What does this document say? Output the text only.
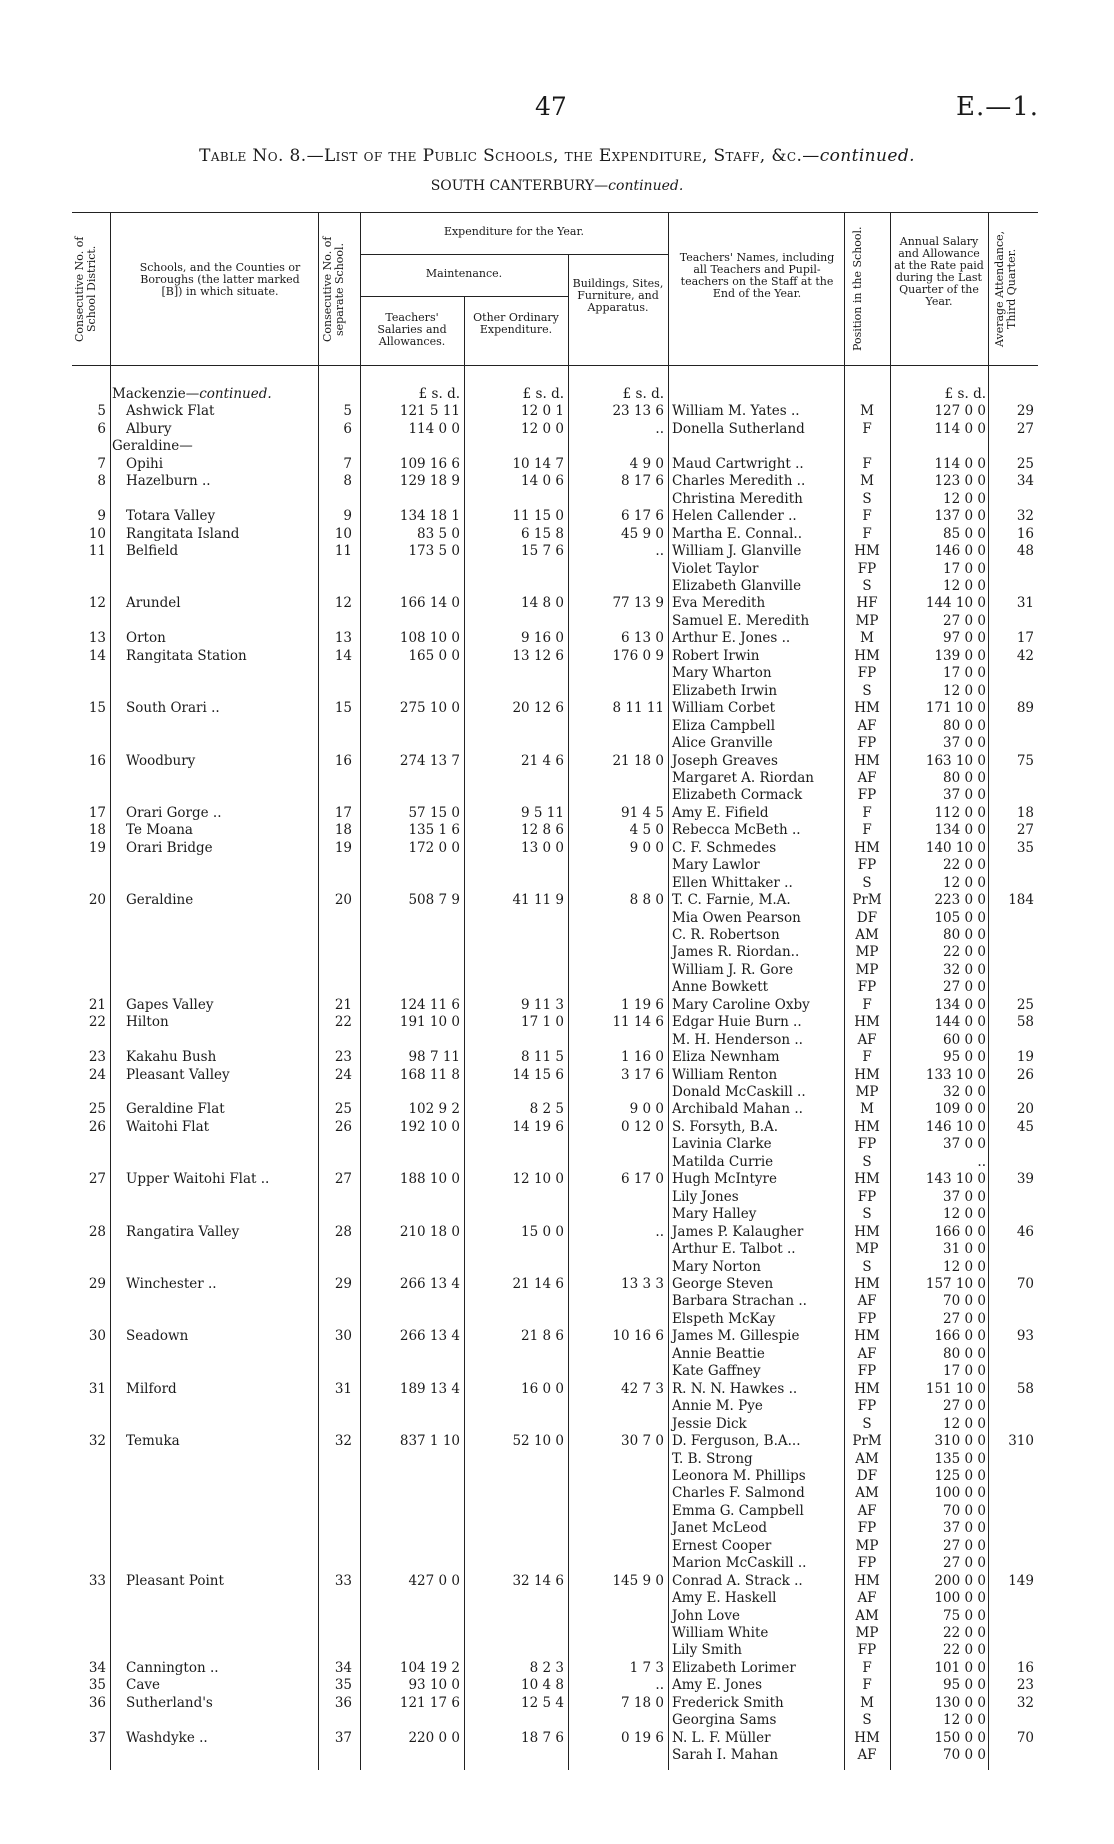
47	E.—1.
Table No. 8.—List of the Public Schools, the Expenditure, Staff, &c.—continued.
SOUTH CANTERBURY—continued.
Consecutive No. of School District.	Schools, and the Counties or Boroughs (the latter marked [B]) in which situate.	Consecutive No. of separate School.
Expenditure for the Year.
Maintenance.
Teachers' Salaries and Allowances.
Other Ordinary Expenditure.
Buildings, Sites, Furniture, and Apparatus.
Teachers' Names, including all Teachers and Pupil-teachers on the Staff at the End of the Year.	Position in the School.	Annual Salary and Allowance at the Rate paid during the Last Quarter of the Year.	Average Attendance, Third Quarter.
Mackenzie—continued.	£ s. d.	£ s. d.	£ s. d.	£ s. d.
5 Ashwick Flat	5	121 5 11	12 0 1	23 13 6 William M. Yates ..	M	127 0 0	29
6 Albury	6	114 0 0	12 0 0	.. Donella Sutherland	F	114 0 0	27
Geraldine—
7 Opihi	7	109 16 6	10 14 7	4 9 0 Maud Cartwright ..	F	114 0 0	25
8 Hazelburn ..	8	129 18 9	14 0 6	8 17 6 Charles Meredith ..	M	123 0 0	34
Christina Meredith	S	12 0 0
9 Totara Valley	9	134 18 1	11 15 0	6 17 6 Helen Callender ..	F	137 0 0	32
10 Rangitata Island	10	83 5 0	6 15 8	45 9 0 Martha E. Connal..	F	85 0 0	16
11 Belfield	11	173 5 0	15 7 6	.. William J. Glanville	HM	146 0 0	48
Violet Taylor	FP	17 0 0
Elizabeth Glanville	S	12 0 0
12 Arundel	12	166 14 0	14 8 0	77 13 9 Eva Meredith	HF	144 10 0	31
Samuel E. Meredith	MP	27 0 0
13 Orton	13	108 10 0	9 16 0	6 13 0 Arthur E. Jones ..	M	97 0 0	17
14 Rangitata Station	14	165 0 0	13 12 6	176 0 9 Robert Irwin	HM	139 0 0	42
Mary Wharton	FP	17 0 0
Elizabeth Irwin	S	12 0 0
15 South Orari ..	15	275 10 0	20 12 6	8 11 11 William Corbet	HM	171 10 0	89
Eliza Campbell	AF	80 0 0
Alice Granville	FP	37 0 0
16 Woodbury	16	274 13 7	21 4 6	21 18 0 Joseph Greaves	HM	163 10 0	75
Margaret A. Riordan	AF	80 0 0
Elizabeth Cormack	FP	37 0 0
17 Orari Gorge ..	17	57 15 0	9 5 11	91 4 5 Amy E. Fifield	F	112 0 0	18
18 Te Moana	18	135 1 6	12 8 6	4 5 0 Rebecca McBeth ..	F	134 0 0	27
19 Orari Bridge	19	172 0 0	13 0 0	9 0 0 C. F. Schmedes	HM	140 10 0	35
Mary Lawlor	FP	22 0 0
Ellen Whittaker ..	S	12 0 0
20 Geraldine	20	508 7 9	41 11 9	8 8 0 T. C. Farnie, M.A.	PrM	223 0 0	184
Mia Owen Pearson	DF	105 0 0
C. R. Robertson	AM	80 0 0
James R. Riordan..	MP	22 0 0
William J. R. Gore	MP	32 0 0
Anne Bowkett	FP	27 0 0
21 Gapes Valley	21	124 11 6	9 11 3	1 19 6 Mary Caroline Oxby	F	134 0 0	25
22 Hilton	22	191 10 0	17 1 0	11 14 6 Edgar Huie Burn ..	HM	144 0 0	58
M. H. Henderson ..	AF	60 0 0
23 Kakahu Bush	23	98 7 11	8 11 5	1 16 0 Eliza Newnham	F	95 0 0	19
24 Pleasant Valley	24	168 11 8	14 15 6	3 17 6 William Renton	HM	133 10 0	26
Donald McCaskill ..	MP	32 0 0
25 Geraldine Flat	25	102 9 2	8 2 5	9 0 0 Archibald Mahan ..	M	109 0 0	20
26 Waitohi Flat	26	192 10 0	14 19 6	0 12 0 S. Forsyth, B.A.	HM	146 10 0	45
Lavinia Clarke	FP	37 0 0
Matilda Currie	S	..
27 Upper Waitohi Flat ..	27	188 10 0	12 10 0	6 17 0 Hugh McIntyre	HM	143 10 0	39
Lily Jones	FP	37 0 0
Mary Halley	S	12 0 0
28 Rangatira Valley	28	210 18 0	15 0 0	.. James P. Kalaugher	HM	166 0 0	46
Arthur E. Talbot ..	MP	31 0 0
Mary Norton	S	12 0 0
29 Winchester ..	29	266 13 4	21 14 6	13 3 3 George Steven	HM	157 10 0	70
Barbara Strachan ..	AF	70 0 0
Elspeth McKay	FP	27 0 0
30 Seadown	30	266 13 4	21 8 6	10 16 6 James M. Gillespie	HM	166 0 0	93
Annie Beattie	AF	80 0 0
Kate Gaffney	FP	17 0 0
31 Milford	31	189 13 4	16 0 0	42 7 3 R. N. N. Hawkes ..	HM	151 10 0	58
Annie M. Pye	FP	27 0 0
Jessie Dick	S	12 0 0
32 Temuka	32	837 1 10	52 10 0	30 7 0 D. Ferguson, B.A...	PrM	310 0 0	310
T. B. Strong	AM	135 0 0
Leonora M. Phillips	DF	125 0 0
Charles F. Salmond	AM	100 0 0
Emma G. Campbell	AF	70 0 0
Janet McLeod	FP	37 0 0
Ernest Cooper	MP	27 0 0
Marion McCaskill ..	FP	27 0 0
33 Pleasant Point	33	427 0 0	32 14 6	145 9 0 Conrad A. Strack ..	HM	200 0 0	149
Amy E. Haskell	AF	100 0 0
John Love	AM	75 0 0
William White	MP	22 0 0
Lily Smith	FP	22 0 0
34 Cannington ..	34	104 19 2	8 2 3	1 7 3 Elizabeth Lorimer	F	101 0 0	16
35 Cave	35	93 10 0	10 4 8	.. Amy E. Jones	F	95 0 0	23
36 Sutherland's	36	121 17 6	12 5 4	7 18 0 Frederick Smith	M	130 0 0	32
Georgina Sams	S	12 0 0
37 Washdyke ..	37	220 0 0	18 7 6	0 19 6 N. L. F. Müller	HM	150 0 0	70
Sarah I. Mahan	AF	70 0 0
